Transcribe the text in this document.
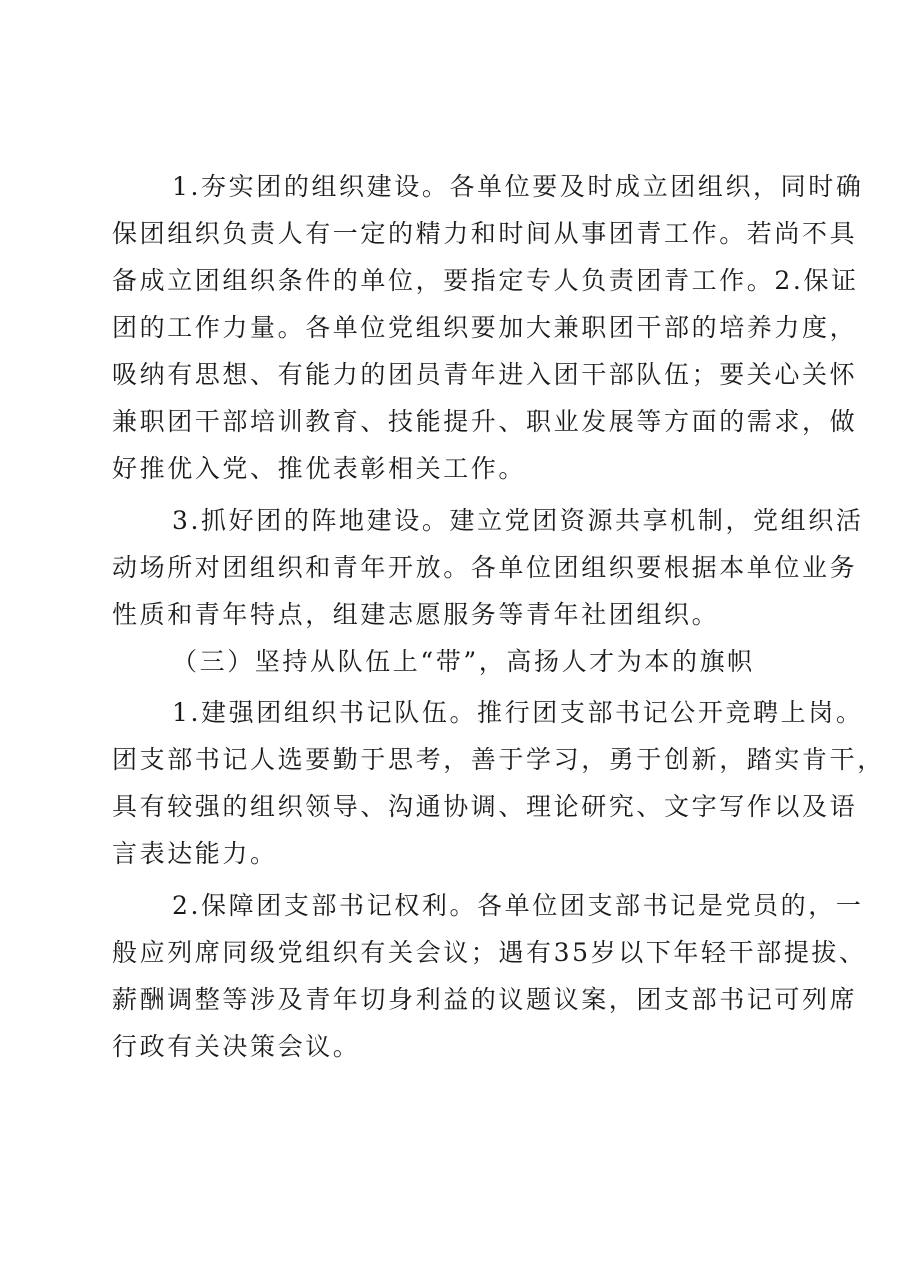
1.夯实团的组织建设。各单位要及时成立团组织，同时确
保团组织负责人有一定的精力和时间从事团青工作。若尚不具
备成立团组织条件的单位，要指定专人负责团青工作。2.保证
团的工作力量。各单位党组织要加大兼职团干部的培养力度，
吸纳有思想、有能力的团员青年进入团干部队伍；要关心关怀
兼职团干部培训教育、技能提升、职业发展等方面的需求，做
好推优入党、推优表彰相关工作。
3.抓好团的阵地建设。建立党团资源共享机制，党组织活
动场所对团组织和青年开放。各单位团组织要根据本单位业务
性质和青年特点，组建志愿服务等青年社团组织。
（三）坚持从队伍上“带”，高扬人才为本的旗帜
1.建强团组织书记队伍。推行团支部书记公开竞聘上岗。
团支部书记人选要勤于思考，善于学习，勇于创新，踏实肯干，
具有较强的组织领导、沟通协调、理论研究、文字写作以及语
言表达能力。
2.保障团支部书记权利。各单位团支部书记是党员的，一
般应列席同级党组织有关会议；遇有35岁以下年轻干部提拔、
薪酬调整等涉及青年切身利益的议题议案，团支部书记可列席
行政有关决策会议。
